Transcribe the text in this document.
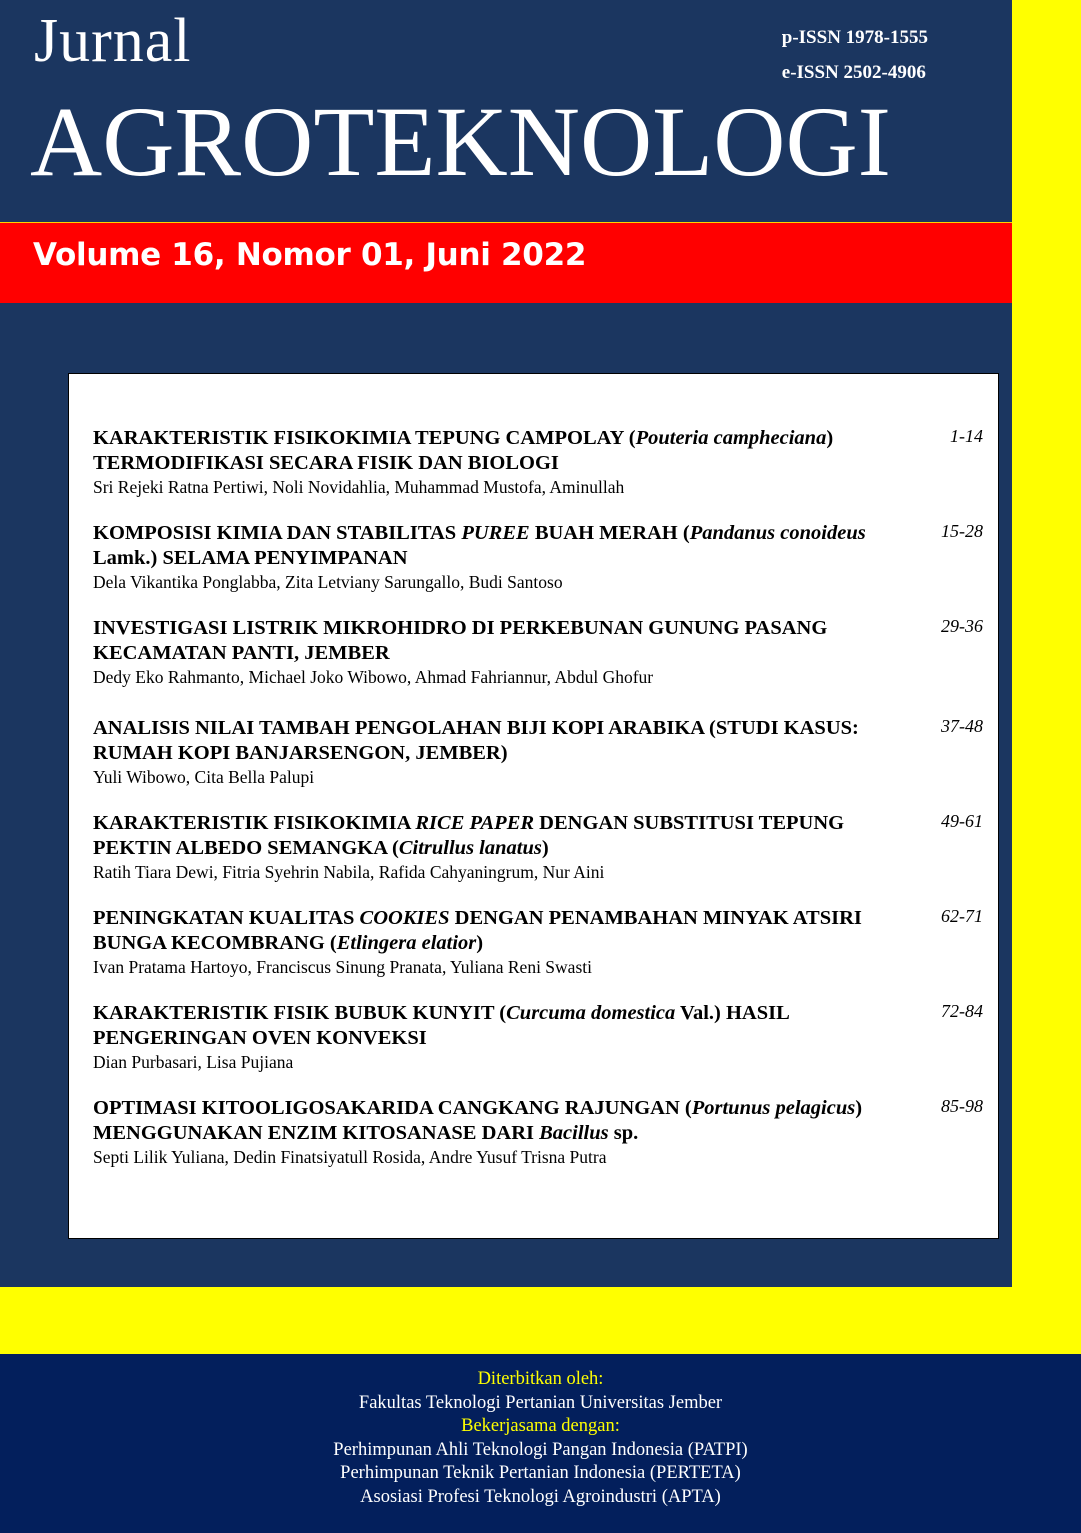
Jurnal
AGROTEKNOLOGI
p-ISSN 1978-1555
e-ISSN 2502-4906
Volume 16, Nomor 01, Juni 2022
KARAKTERISTIK FISIKOKIMIA TEPUNG CAMPOLAY (Pouteria campheciana) TERMODIFIKASI SECARA FISIK DAN BIOLOGI
Sri Rejeki Ratna Pertiwi, Noli Novidahlia, Muhammad Mustofa, Aminullah
1-14
KOMPOSISI KIMIA DAN STABILITAS PUREE BUAH MERAH (Pandanus conoideus Lamk.) SELAMA PENYIMPANAN
Dela Vikantika Ponglabba, Zita Letviany Sarungallo, Budi Santoso
15-28
INVESTIGASI LISTRIK MIKROHIDRO DI PERKEBUNAN GUNUNG PASANG KECAMATAN PANTI, JEMBER
Dedy Eko Rahmanto, Michael Joko Wibowo, Ahmad Fahriannur, Abdul Ghofur
29-36
ANALISIS NILAI TAMBAH PENGOLAHAN BIJI KOPI ARABIKA (STUDI KASUS: RUMAH KOPI BANJARSENGON, JEMBER)
Yuli Wibowo, Cita Bella Palupi
37-48
KARAKTERISTIK FISIKOKIMIA RICE PAPER DENGAN SUBSTITUSI TEPUNG PEKTIN ALBEDO SEMANGKA (Citrullus lanatus)
Ratih Tiara Dewi, Fitria Syehrin Nabila, Rafida Cahyaningrum, Nur Aini
49-61
PENINGKATAN KUALITAS COOKIES DENGAN PENAMBAHAN MINYAK ATSIRI BUNGA KECOMBRANG (Etlingera elatior)
Ivan Pratama Hartoyo, Franciscus Sinung Pranata, Yuliana Reni Swasti
62-71
KARAKTERISTIK FISIK BUBUK KUNYIT (Curcuma domestica Val.) HASIL PENGERINGAN OVEN KONVEKSI
Dian Purbasari, Lisa Pujiana
72-84
OPTIMASI KITOOLIGOSAKARIDA CANGKANG RAJUNGAN (Portunus pelagicus) MENGGUNAKAN ENZIM KITOSANASE DARI Bacillus sp.
Septi Lilik Yuliana, Dedin Finatsiyatull Rosida, Andre Yusuf Trisna Putra
85-98
Diterbitkan oleh:
Fakultas Teknologi Pertanian Universitas Jember
Bekerjasama dengan:
Perhimpunan Ahli Teknologi Pangan Indonesia (PATPI)
Perhimpunan Teknik Pertanian Indonesia (PERTETA)
Asosiasi Profesi Teknologi Agroindustri (APTA)
